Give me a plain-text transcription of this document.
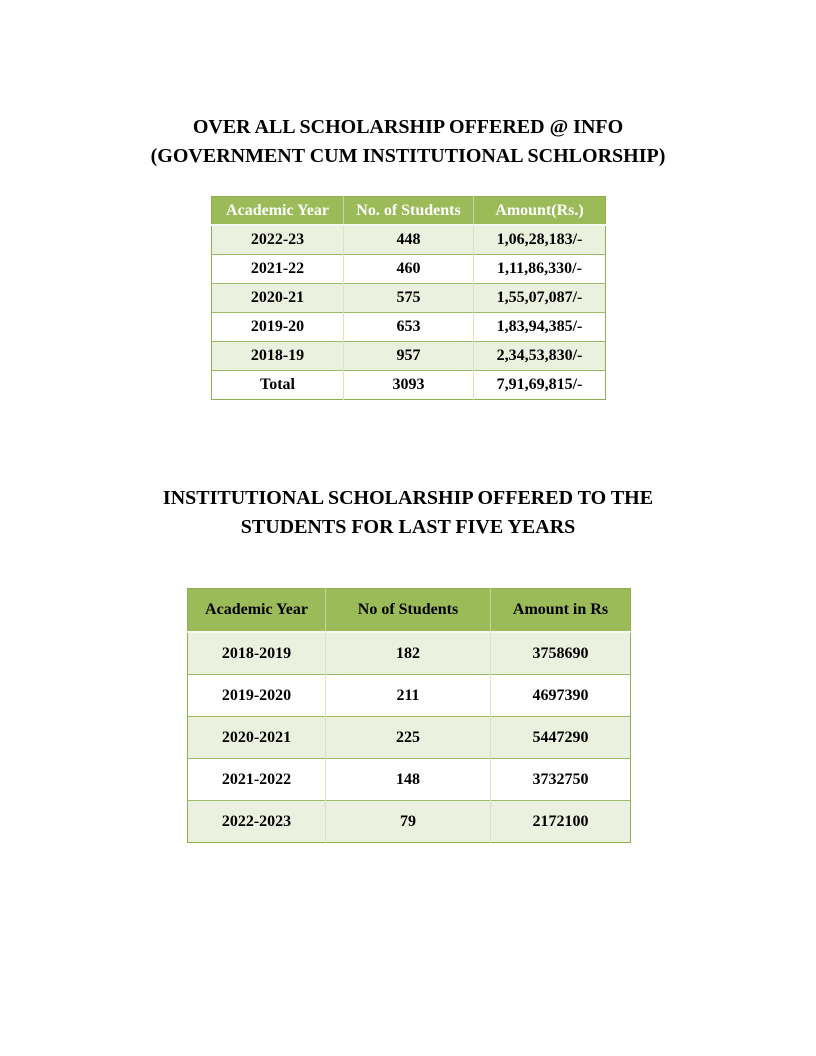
OVER ALL SCHOLARSHIP OFFERED @ INFO
(GOVERNMENT CUM INSTITUTIONAL SCHLORSHIP)
Academic Year	No. of Students	Amount(Rs.)
2022-23	448	1,06,28,183/-
2021-22	460	1,11,86,330/-
2020-21	575	1,55,07,087/-
2019-20	653	1,83,94,385/-
2018-19	957	2,34,53,830/-
Total	3093	7,91,69,815/-
INSTITUTIONAL SCHOLARSHIP OFFERED TO THE
STUDENTS FOR LAST FIVE YEARS
Academic Year	No of Students	Amount in Rs
2018-2019	182	3758690
2019-2020	211	4697390
2020-2021	225	5447290
2021-2022	148	3732750
2022-2023	79	2172100
